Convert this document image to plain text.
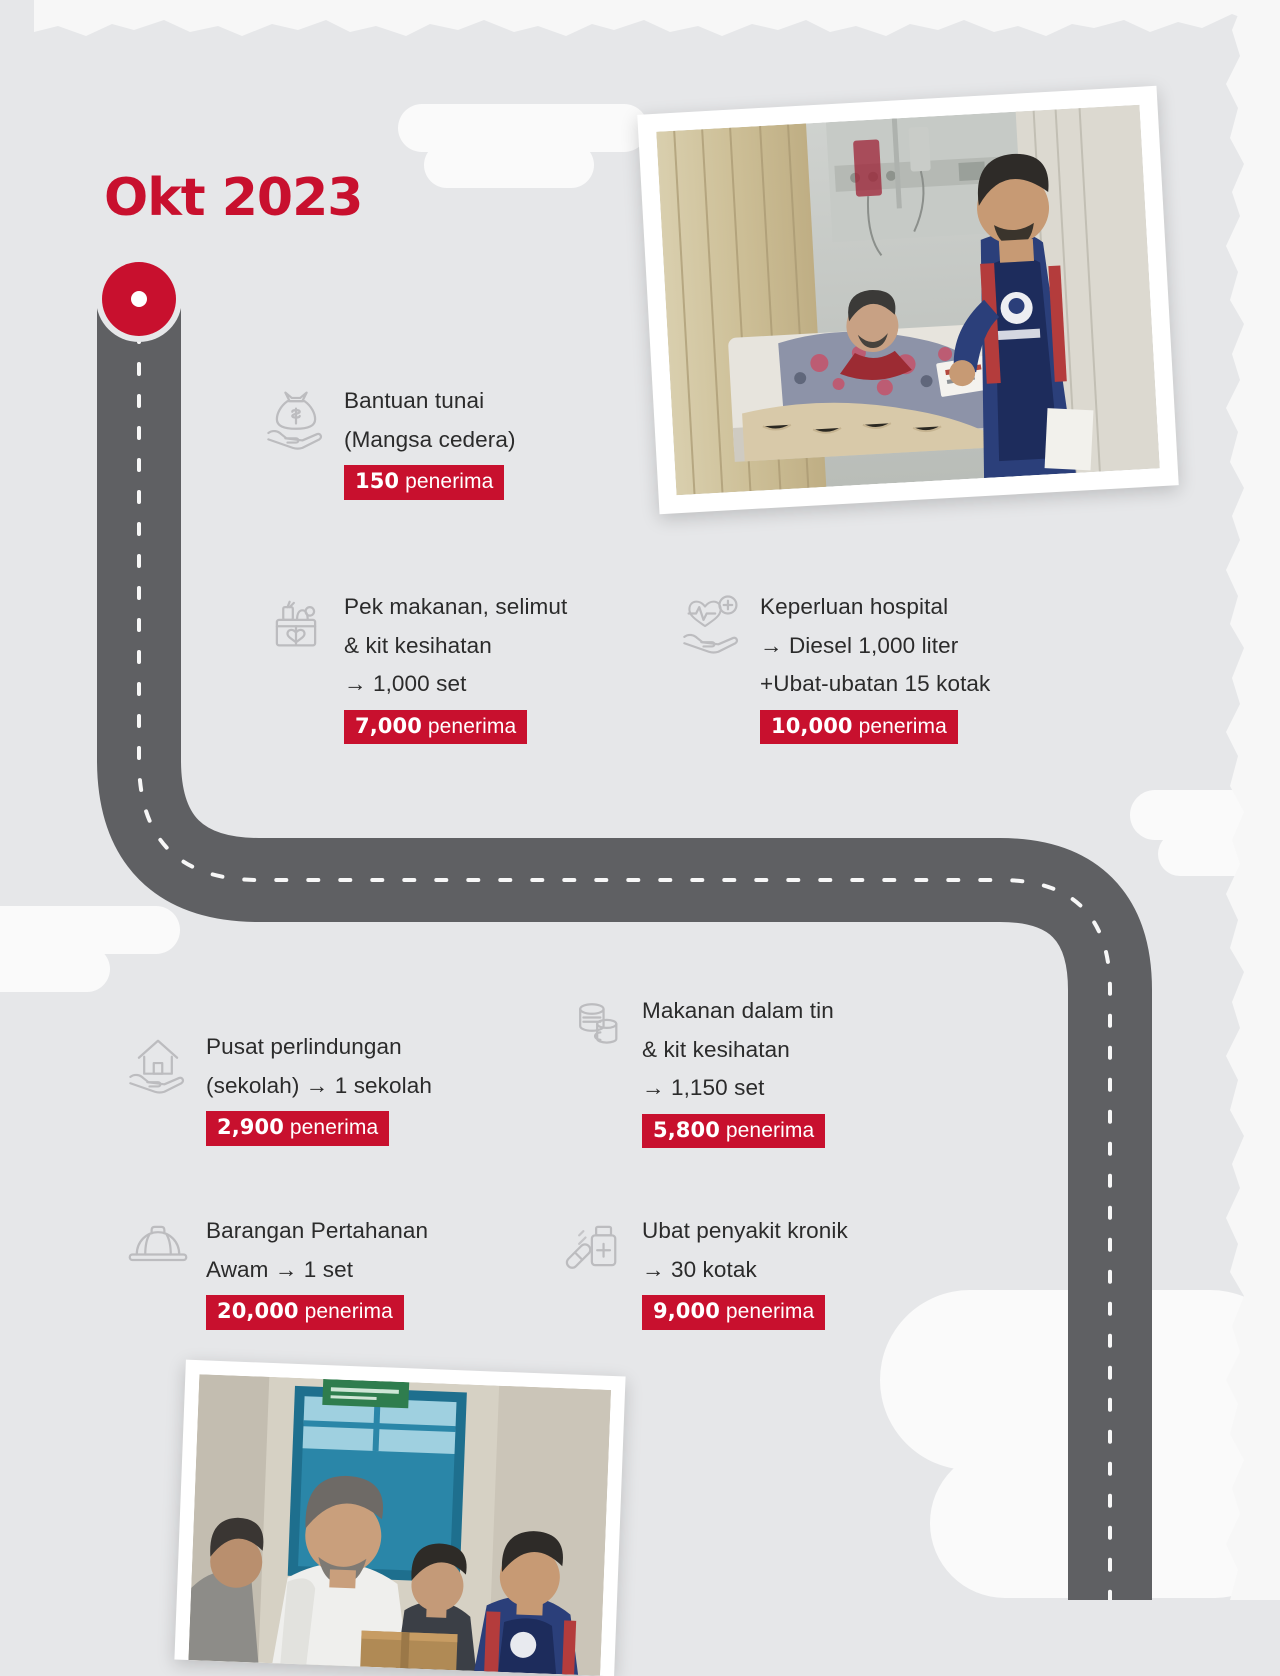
Okt 2023
Bantuan tunai
(Mangsa cedera)
150 penerima
Pek makanan, selimut
& kit kesihatan
→ 1,000 set
7,000 penerima
Keperluan hospital
→ Diesel 1,000 liter
+Ubat-ubatan 15 kotak
10,000 penerima
Pusat perlindungan
(sekolah) → 1 sekolah
2,900 penerima
Makanan dalam tin
& kit kesihatan
→ 1,150 set
5,800 penerima
Barangan Pertahanan
Awam → 1 set
20,000 penerima
Ubat penyakit kronik
→ 30 kotak
9,000 penerima
